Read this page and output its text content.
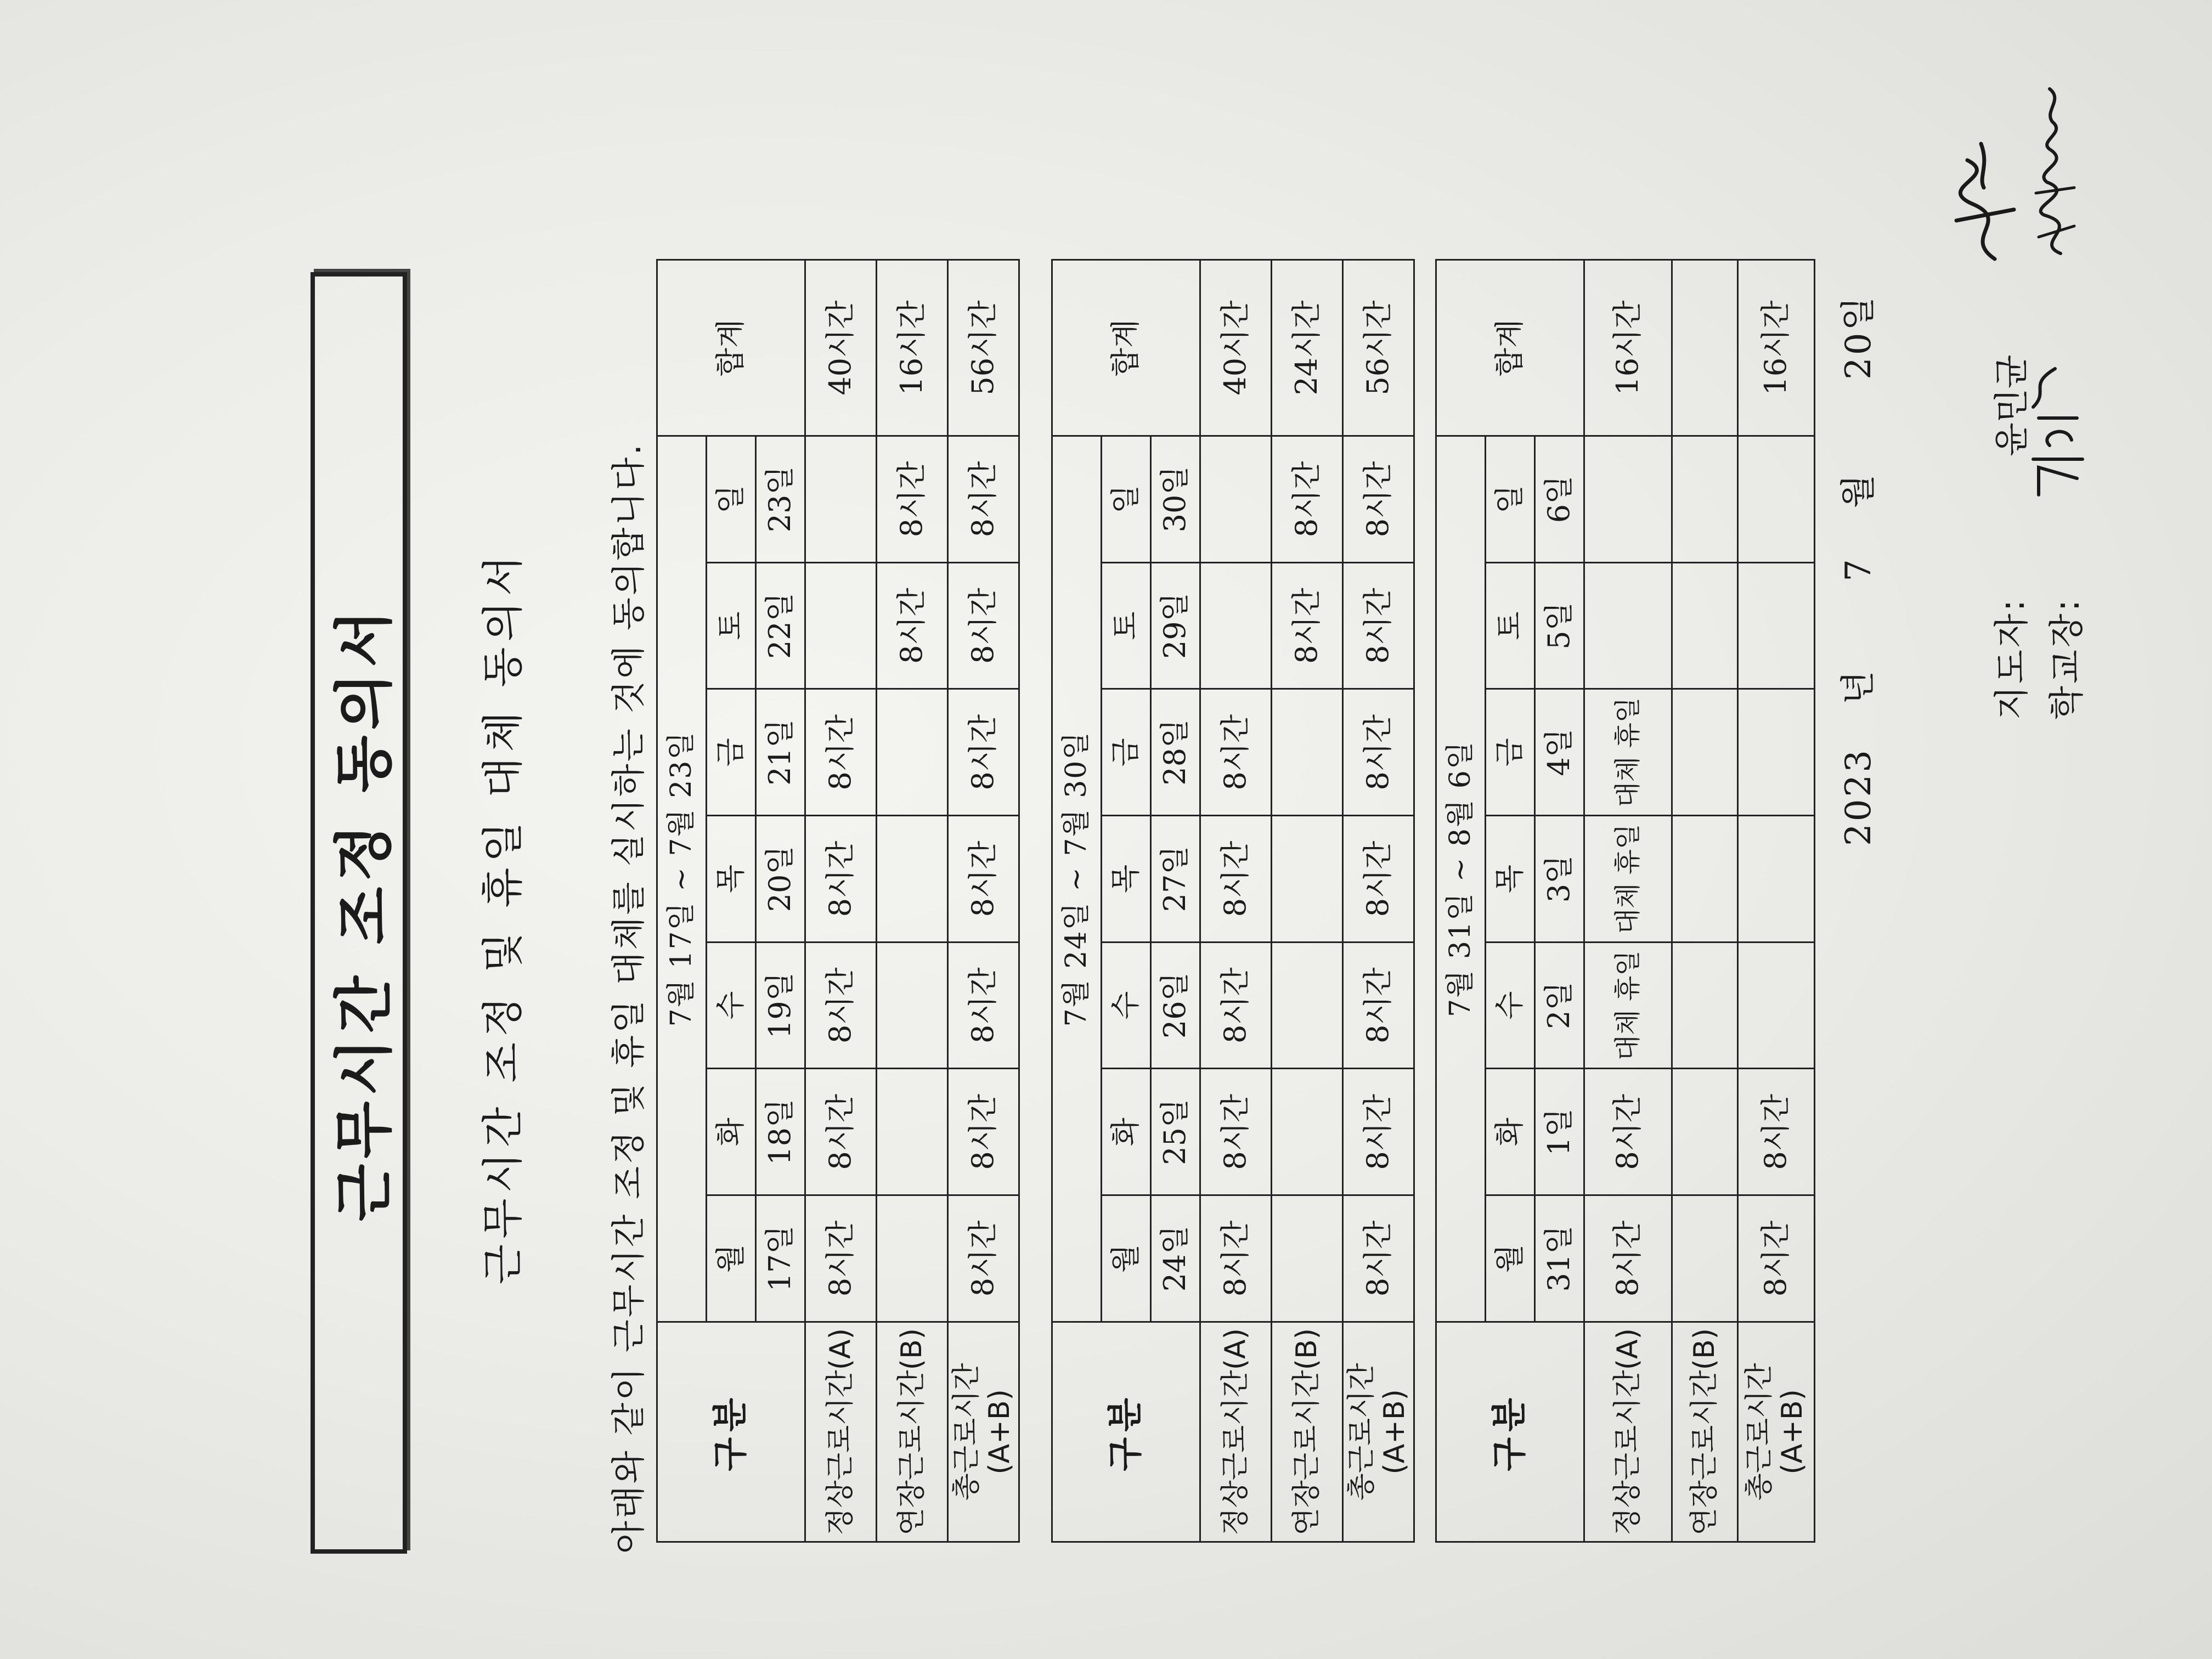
근무시간 조정 동의서 근무시간 조정 및 휴일 대체 동의서 아래와 같이 근무시간 조정 및 휴일 대체를 실시하는 것에 동의합니다. 구분	7월 17일 ~ 7월 23일							합계
	월	화	수	목	금	토	일	
	17일	18일	19일	20일	21일	22일	23일	
정상근로시간(A)	8시간	8시간	8시간	8시간	8시간			40시간
연장근로시간(B)						8시간	8시간	16시간
총근로시간
(A+B)	8시간	8시간	8시간	8시간	8시간	8시간	8시간	56시간
구분	7월 24일 ~ 7월 30일							합계
	월	화	수	목	금	토	일	
	24일	25일	26일	27일	28일	29일	30일	
정상근로시간(A)	8시간	8시간	8시간	8시간	8시간			40시간
연장근로시간(B)						8시간	8시간	24시간
총근로시간
(A+B)	8시간	8시간	8시간	8시간	8시간	8시간	8시간	56시간
구분	7월 31일 ~ 8월 6일							합계
	월	화	수	목	금	토	일	
	31일	1일	2일	3일	4일	5일	6일	
정상근로시간(A)	8시간	8시간	대체 휴일	대체 휴일	대체 휴일			16시간
연장근로시간(B)								
총근로시간
(A+B)	8시간	8시간						16시간
2023  년  7  월  20일
지도자:
윤민균
학교장:
